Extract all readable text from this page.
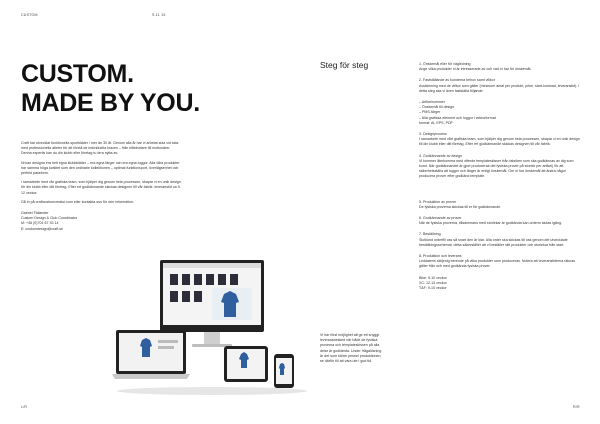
CUSTOM	S.11 15
CUSTOM.
MADE BY YOU.

Craft har utvecklat funktionella sportkläder i mer än 30 år. Genom alla år har vi arbetat sida vid sida med professionella atleter för att förstå de individuella kraven – från elitidrottare till motionärer. Denna expertis kan du din klubb eller företag tu drra nytta av.

Ni kan designa era helt egna klubbkläder – era egna färger och era egna loggor. Alla våra produkter har samma höga kvalitet som den ordinarie kollektionen – optimal funktionsport, överlägsenhet och perfekt passform.

I samarbete med vår grafiska team, som hjälper dig genom hela processen, skapar vi en unik design för din klubb eller ditt företag. Efter ert godkännande skickas designen till vår fabrik. leveranstid ca 9-12 veckor.

Gå in på craftcustomcreator.com eller kontakta oss för mer information.

Gabriel Fällander
Custom Design & Club Coordinator
M: +46 (0)701 67 33 14
E: customdesign@craft.se
Steg för steg	1. Önskemål eller för vägledning
Ange vilka produkter ni är intresserade av och vad ni har för önskemål.
2. Fastställande av kunderna behov samt villkor
Avstämning med de villkor som gäller (minimum antal per produkt, prise, start-kostnad, leveranstid). I detta steg ska vi även fastställa följande:
– Artikelnummer
– Önskemål till design
– PMS-färger
– Alla grafiska element och loggor i vektorformat
format: AI, EPS, PDF
3. Designprocess
I samarbete med vårt grafiska team, som hjälper dig genom hela processen, skapar vi en unik design till din klubb eller ditt företag. Efter ert godkännande skickas designen till vår fabrik.
4. Godkännande av design
Vi kommer återkomma med offerde templateskisser från fabriken som ska godkännas av dig som kund. När godkännandet är gjort produceras det fysiska prover på storlek per artikel) för att säkerhetsställa att loggor och färger är enligt önskemål. Om ni har önskemål att ändra något producera prover efter godkänd template.
5. Produktion av prover
De fysiska proverna skickas till er för godkännande.
6. Godkännande av prover
När de fysiska proverna, tillsammans med storlekar är godkända kan orderm slutas igång.
7. Beställning
Slutkund orderfill oss så snart den är klar. Alla order ska skickas till oss genom det utvecklade beställningsschemat, detta säkerställer att vi beställer rätt produkter och storlekar från start.
8. Produktion och leverans
Leddatens skiljenig berende på vilka produkter som produceras. Notera att leveranstiderna räknas gäller från och med godkända fysiska prover.
Bike: 9-10 veckor
XC: 12-13 veckor
T&F: 9-10 veckor
Vi har först möjlighet att ge ett snyggt leveransbesked när både de fysiska proverna och templateskissen på alla delar är godkända. Under frågalösning är det som större peseel produktionen, se därför till att vara ute i god tid.
L/R	R/R
